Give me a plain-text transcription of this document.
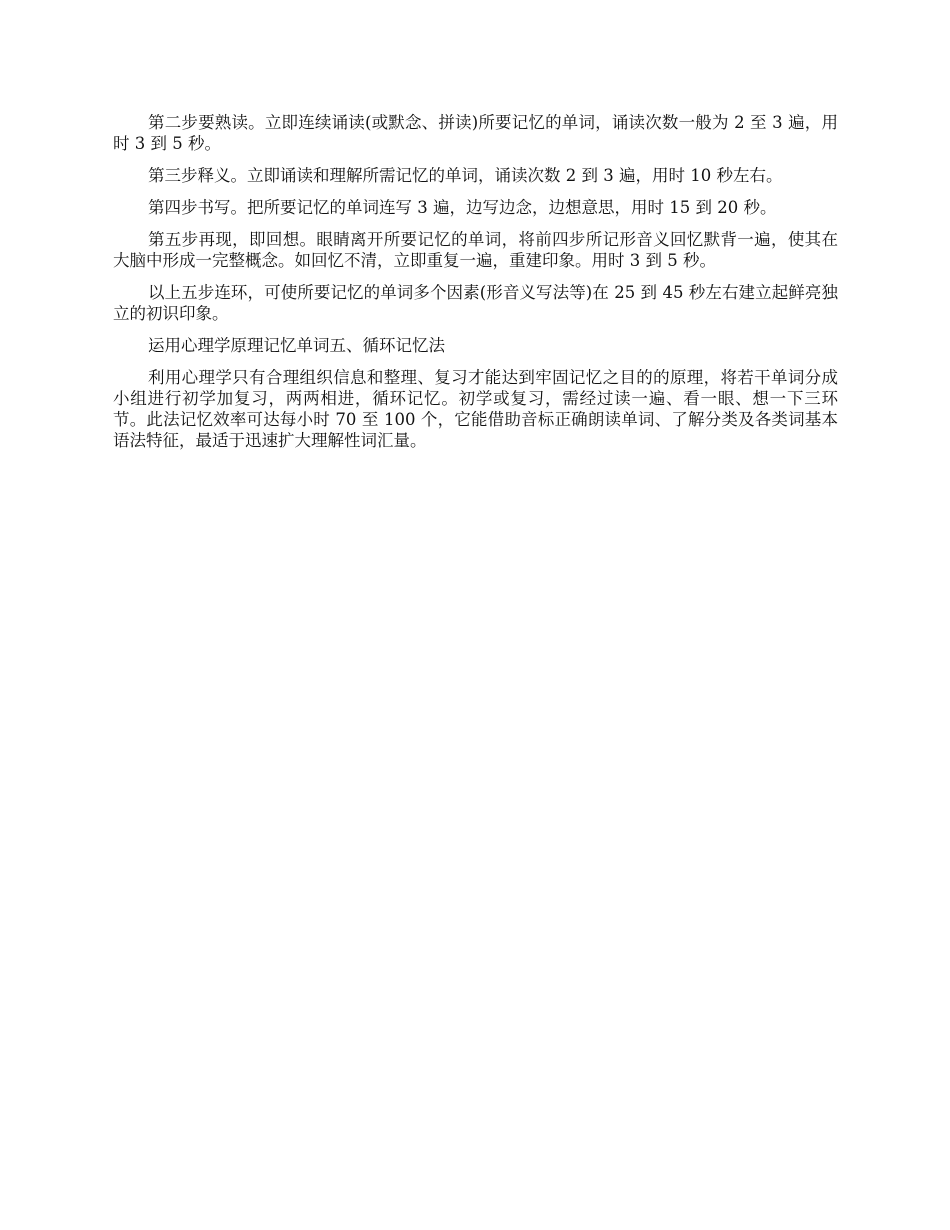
第二步要熟读。立即连续诵读(或默念、拼读)所要记忆的单词，诵读次数一般为 2 至 3 遍，用时 3 到 5 秒。

第三步释义。立即诵读和理解所需记忆的单词，诵读次数 2 到 3 遍，用时 10 秒左右。

第四步书写。把所要记忆的单词连写 3 遍，边写边念，边想意思，用时 15 到 20 秒。

第五步再现，即回想。眼睛离开所要记忆的单词，将前四步所记形音义回忆默背一遍，使其在大脑中形成一完整概念。如回忆不清，立即重复一遍，重建印象。用时 3 到 5 秒。

以上五步连环，可使所要记忆的单词多个因素(形音义写法等)在 25 到 45 秒左右建立起鲜亮独立的初识印象。

运用心理学原理记忆单词五、循环记忆法

利用心理学只有合理组织信息和整理、复习才能达到牢固记忆之目的的原理，将若干单词分成小组进行初学加复习，两两相进，循环记忆。初学或复习，需经过读一遍、看一眼、想一下三环节。此法记忆效率可达每小时 70 至 100 个，它能借助音标正确朗读单词、了解分类及各类词基本语法特征，最适于迅速扩大理解性词汇量。
